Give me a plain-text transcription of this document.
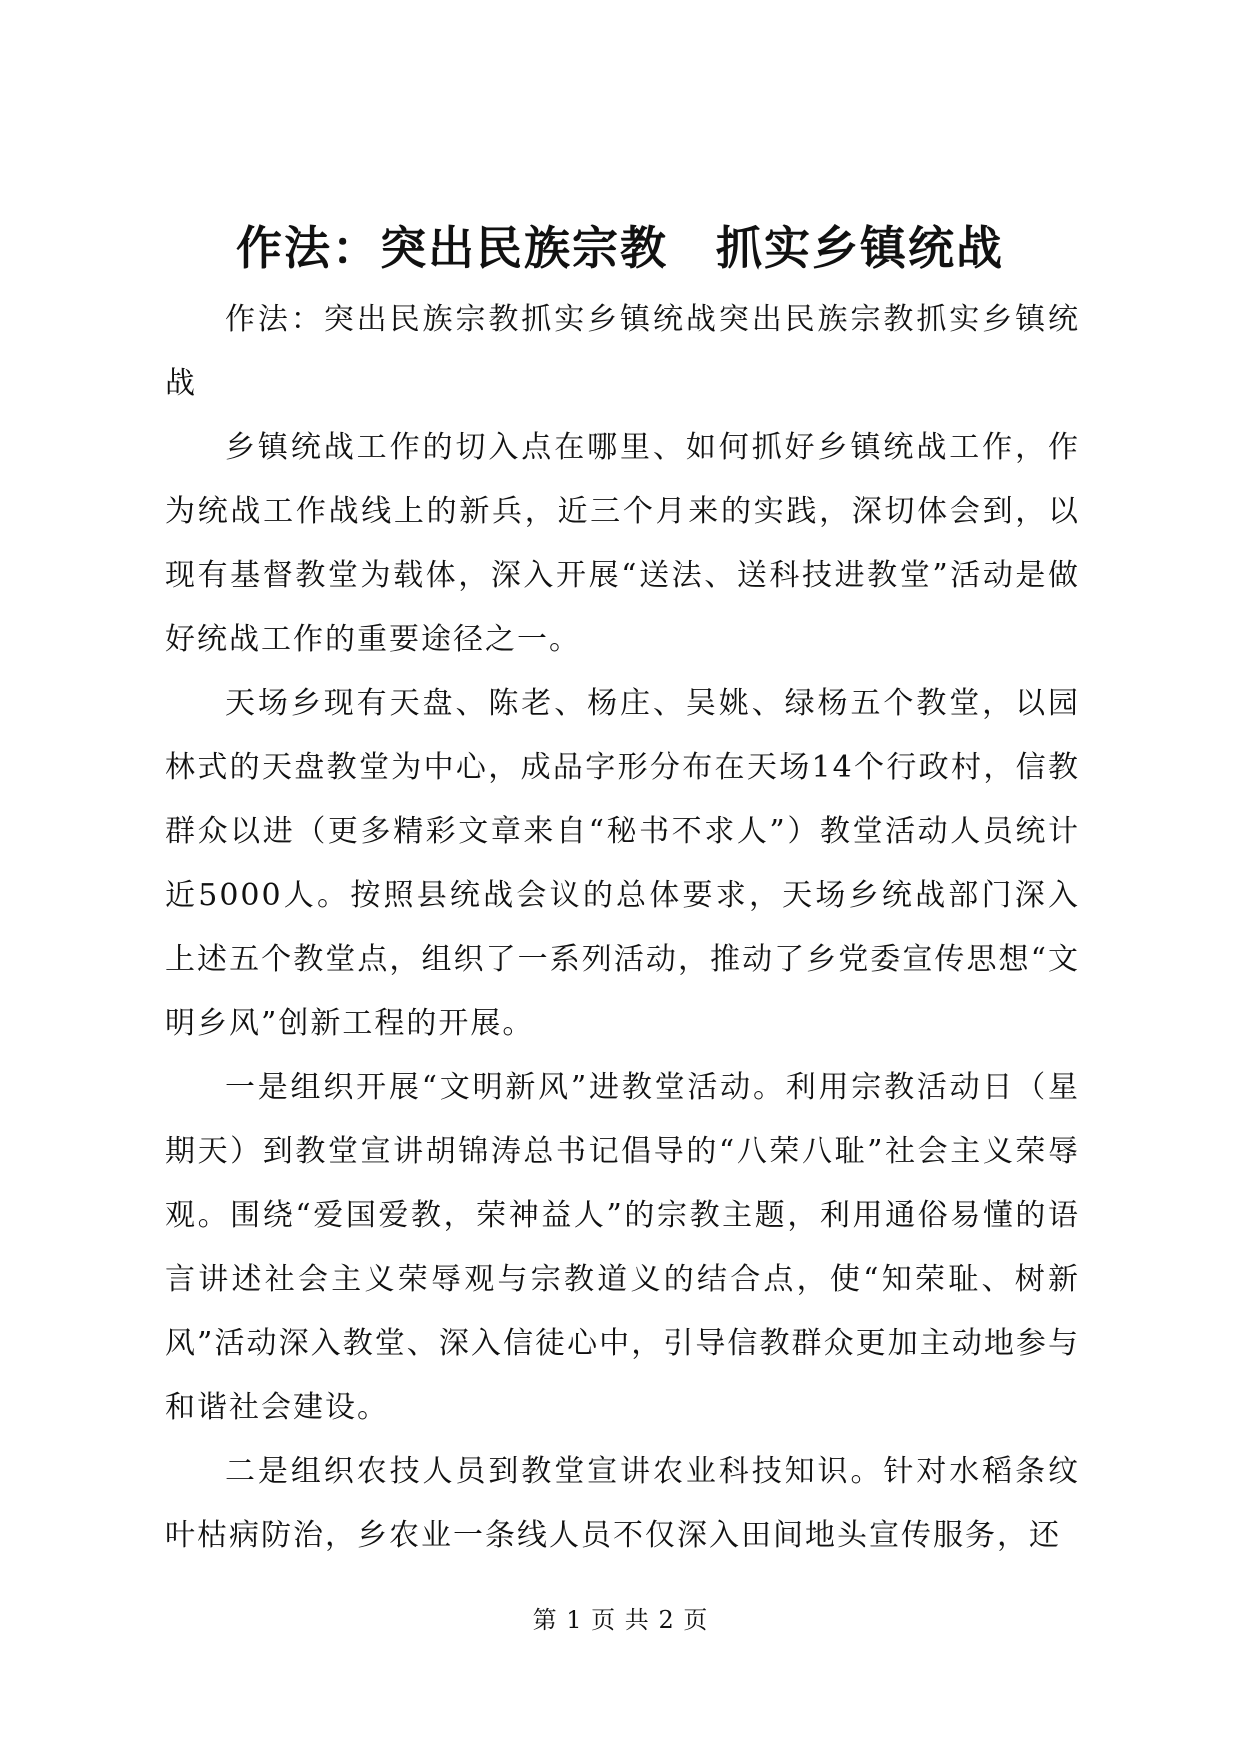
作法：突出民族宗教　抓实乡镇统战

作法：突出民族宗教抓实乡镇统战突出民族宗教抓实乡镇统战

乡镇统战工作的切入点在哪里、如何抓好乡镇统战工作，作为统战工作战线上的新兵，近三个月来的实践，深切体会到，以现有基督教堂为载体，深入开展“送法、送科技进教堂”活动是做好统战工作的重要途径之一。

天场乡现有天盘、陈老、杨庄、吴姚、绿杨五个教堂，以园林式的天盘教堂为中心，成品字形分布在天场14个行政村，信教群众以进（更多精彩文章来自“秘书不求人”）教堂活动人员统计近5000人。按照县统战会议的总体要求，天场乡统战部门深入上述五个教堂点，组织了一系列活动，推动了乡党委宣传思想“文明乡风”创新工程的开展。

一是组织开展“文明新风”进教堂活动。利用宗教活动日（星期天）到教堂宣讲胡锦涛总书记倡导的“八荣八耻”社会主义荣辱观。围绕“爱国爱教，荣神益人”的宗教主题，利用通俗易懂的语言讲述社会主义荣辱观与宗教道义的结合点，使“知荣耻、树新风”活动深入教堂、深入信徒心中，引导信教群众更加主动地参与和谐社会建设。

二是组织农技人员到教堂宣讲农业科技知识。针对水稻条纹叶枯病防治，乡农业一条线人员不仅深入田间地头宣传服务，还

第 1 页 共 2 页
